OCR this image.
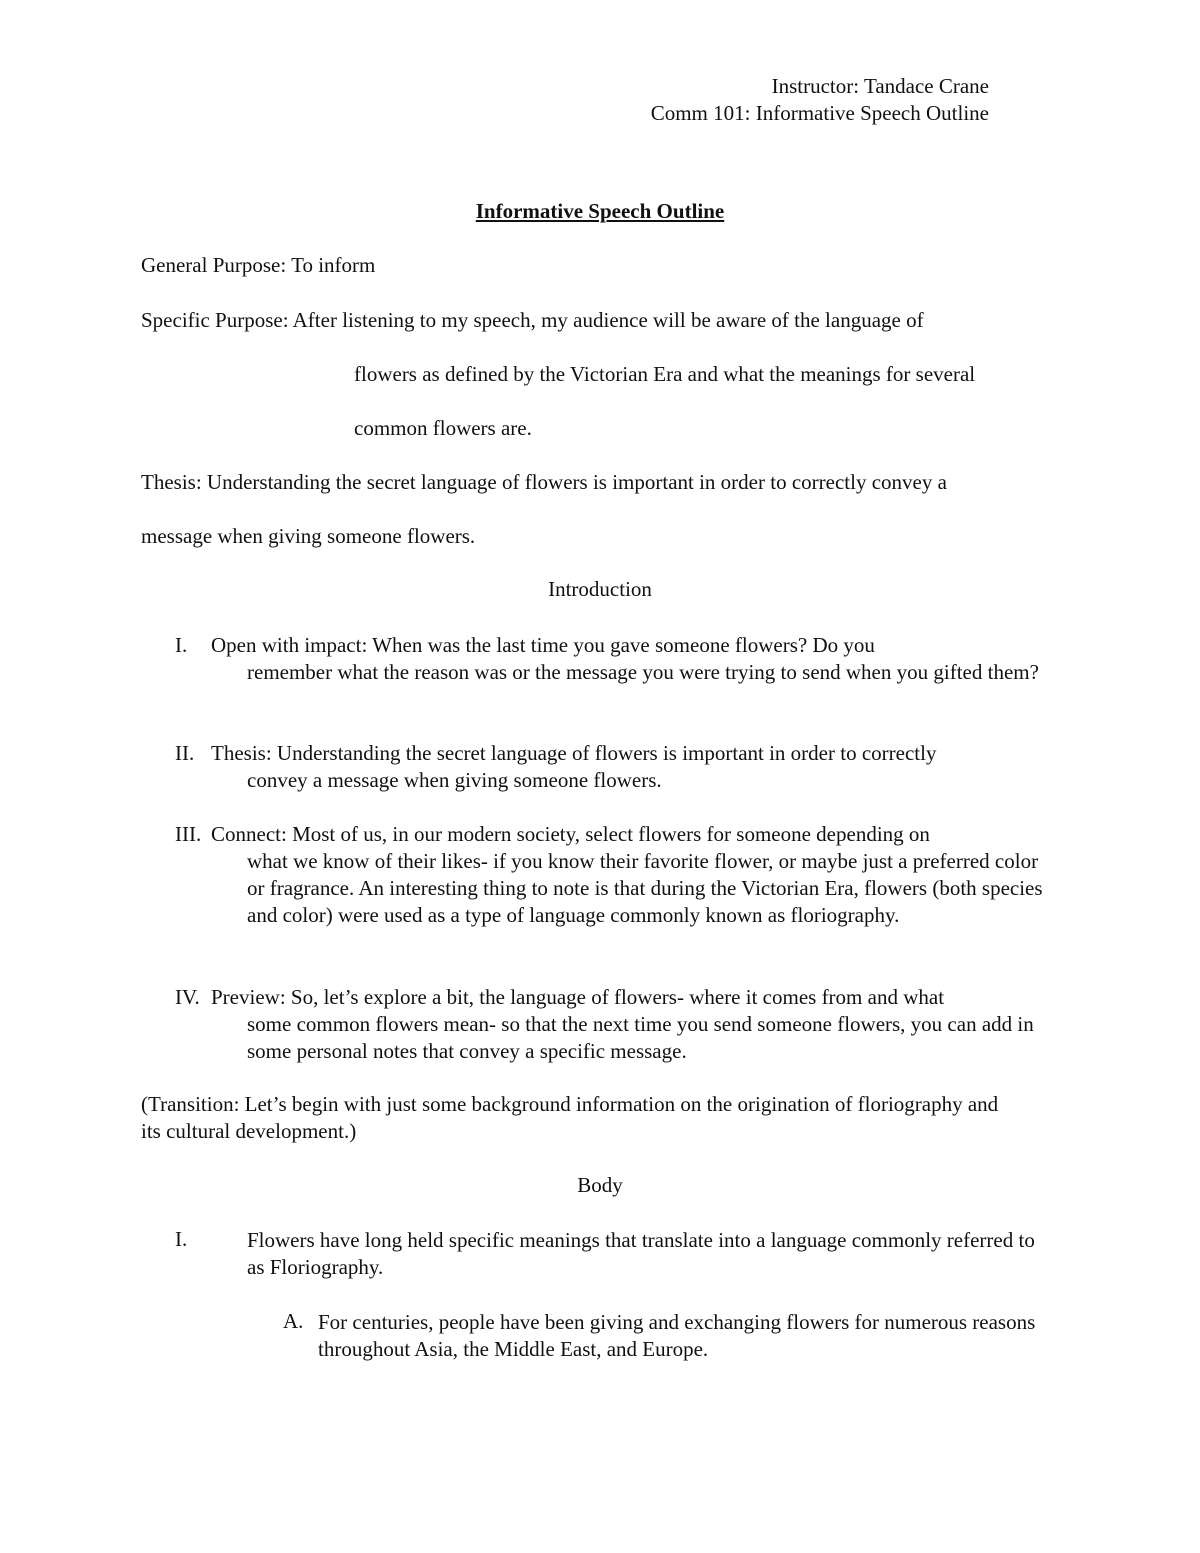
Instructor: Tandace Crane
Comm 101: Informative Speech Outline
Informative Speech Outline
General Purpose: To inform
Specific Purpose: After listening to my speech, my audience will be aware of the language of
flowers as defined by the Victorian Era and what the meanings for several
common flowers are.
Thesis: Understanding the secret language of flowers is important in order to correctly convey a
message when giving someone flowers.
Introduction
I. Open with impact: When was the last time you gave someone flowers? Do you
remember what the reason was or the message you were trying to send when you gifted them?
II. Thesis: Understanding the secret language of flowers is important in order to correctly
convey a message when giving someone flowers.
III. Connect: Most of us, in our modern society, select flowers for someone depending on
what we know of their likes- if you know their favorite flower, or maybe just a preferred color or fragrance. An interesting thing to note is that during the Victorian Era, flowers (both species and color) were used as a type of language commonly known as floriography.
IV. Preview: So, let’s explore a bit, the language of flowers- where it comes from and what
some common flowers mean- so that the next time you send someone flowers, you can add in some personal notes that convey a specific message.
(Transition: Let’s begin with just some background information on the origination of floriography and its cultural development.)
Body
I.	Flowers have long held specific meanings that translate into a language commonly referred to as Floriography.
A. For centuries, people have been giving and exchanging flowers for numerous reasons throughout Asia, the Middle East, and Europe.
